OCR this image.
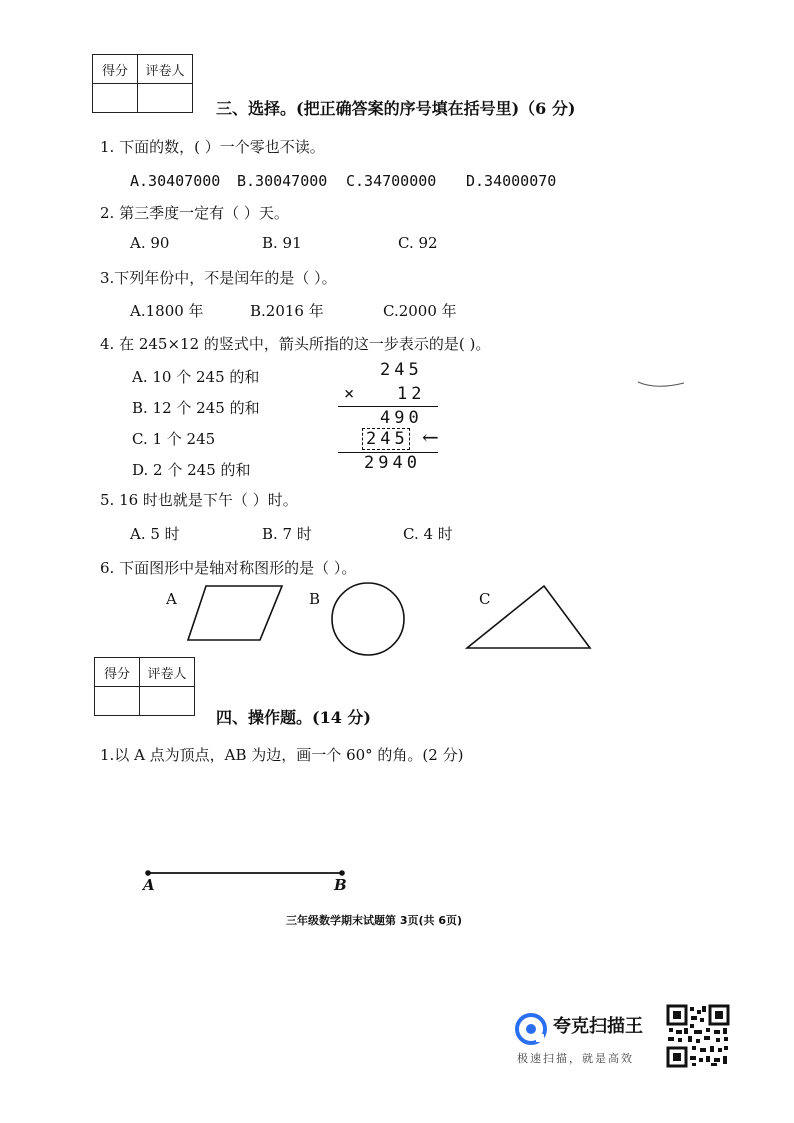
得分	评卷人

三、选择。(把正确答案的序号填在括号里)（6 分)
1. 下面的数，( ）一个零也不读。
A.30407000 B.30047000 C.34700000 D.34000070
2. 第三季度一定有（ ）天。
A. 90	B. 91	C. 92
3.下列年份中，不是闰年的是（ ）。
A.1800 年	B.2016 年	C.2000 年
4. 在 245×12 的竖式中，箭头所指的这一步表示的是( )。
A. 10 个 245 的和
B. 12 个 245 的和
C. 1 个 245
D. 2 个 245 的和
245
× 12
490
245 ←
2940
5. 16 时也就是下午（ ）时。
A. 5 时	B. 7 时	C. 4 时
6. 下面图形中是轴对称图形的是（ ）。
A	B	C
得分	评卷人

四、操作题。(14 分)
1.以 A 点为顶点，AB 为边，画一个 60° 的角。(2 分)
A	B
三年级数学期末试题第 3页(共 6页)
夸克扫描王
极速扫描，就是高效
